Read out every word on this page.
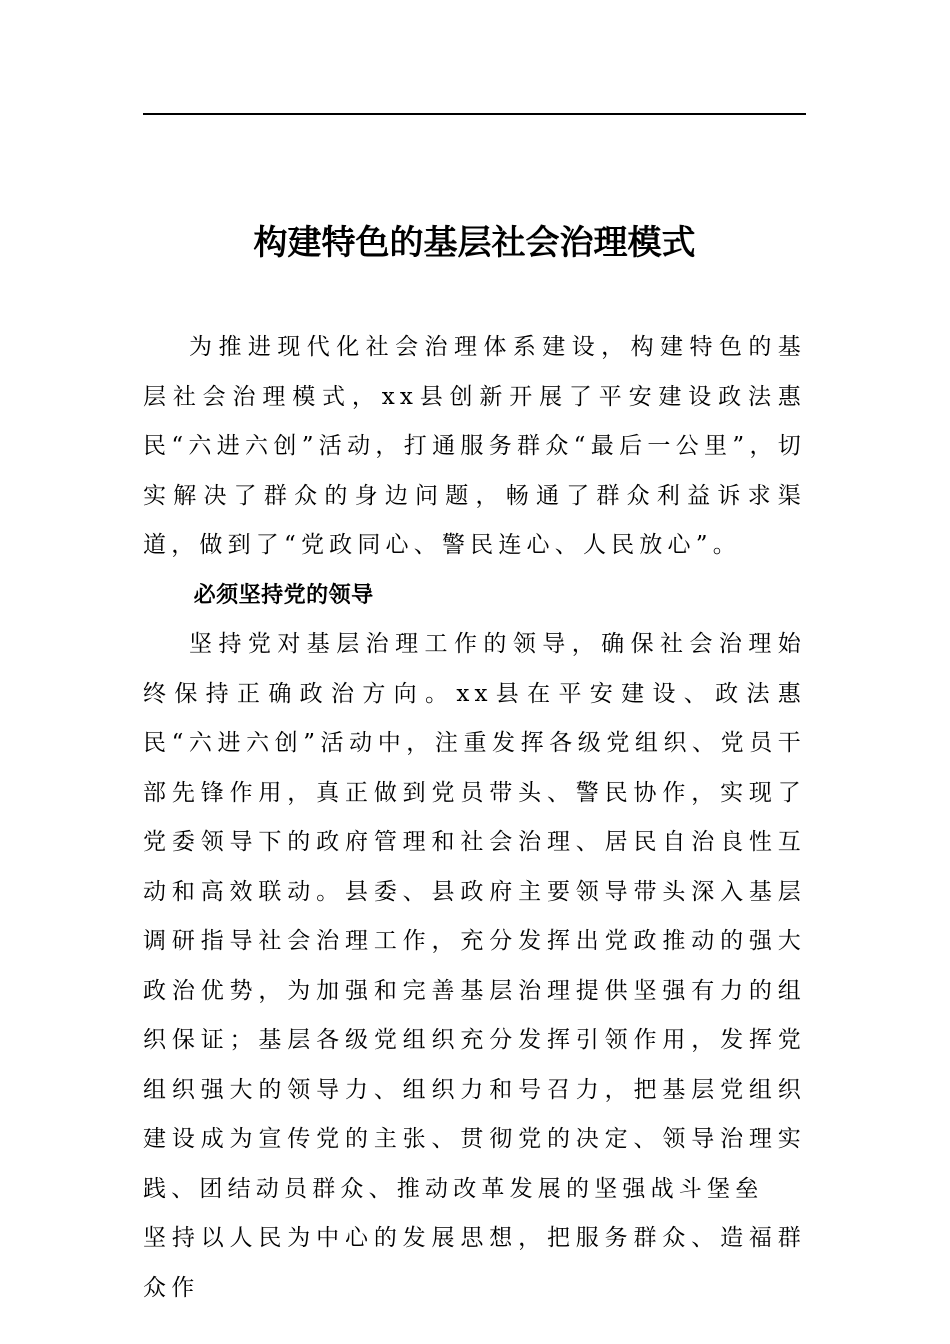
构建特色的基层社会治理模式

为推进现代化社会治理体系建设，构建特色的基层社会治理模式，xx县创新开展了平安建设政法惠民“六进六创”活动，打通服务群众“最后一公里”，切实解决了群众的身边问题，畅通了群众利益诉求渠道，做到了“党政同心、警民连心、人民放心”。

必须坚持党的领导

坚持党对基层治理工作的领导，确保社会治理始终保持正确政治方向。xx县在平安建设、政法惠民“六进六创”活动中，注重发挥各级党组织、党员干部先锋作用，真正做到党员带头、警民协作，实现了党委领导下的政府管理和社会治理、居民自治良性互动和高效联动。县委、县政府主要领导带头深入基层调研指导社会治理工作，充分发挥出党政推动的强大政治优势，为加强和完善基层治理提供坚强有力的组织保证；基层各级党组织充分发挥引领作用，发挥党组织强大的领导力、组织力和号召力，把基层党组织建设成为宣传党的主张、贯彻党的决定、领导治理实践、团结动员群众、推动改革发展的坚强战斗堡垒

坚持以人民为中心的发展思想，把服务群众、造福群众作
